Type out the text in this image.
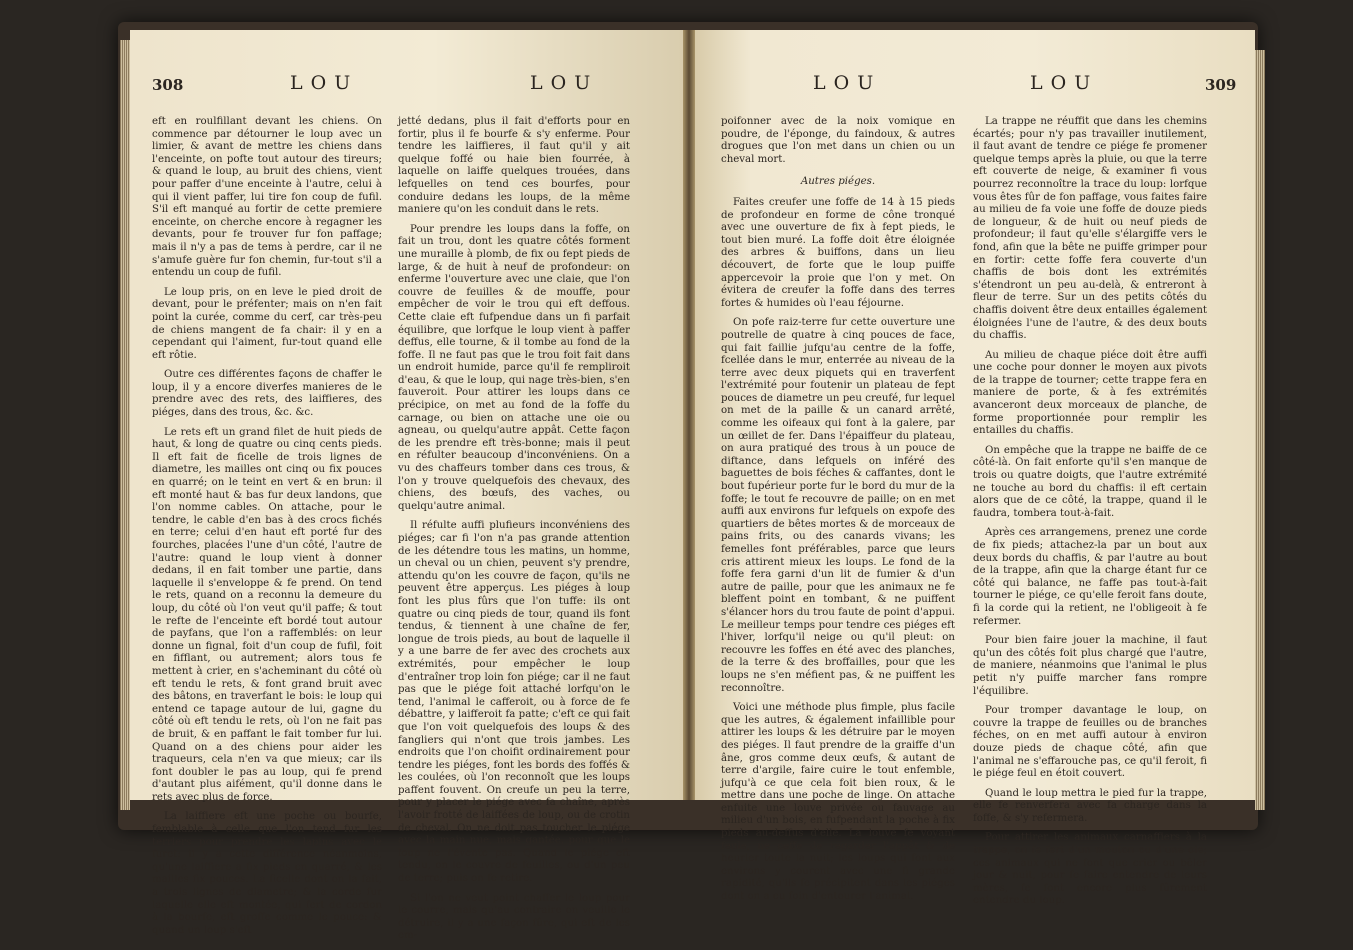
308	LOU	LOU

eft en roulfillant devant les chiens. On commence par détourner le loup avec un limier, & avant de mettre les chiens dans l'enceinte, on pofte tout autour des tireurs; & quand le loup, au bruit des chiens, vient pour paffer d'une enceinte à l'autre, celui à qui il vient paffer, lui tire fon coup de fufil. S'il eft manqué au fortir de cette premiere enceinte, on cherche encore à regagner les devants, pour fe trouver fur fon paffage; mais il n'y a pas de tems à perdre, car il ne s'amufe guère fur fon chemin, fur-tout s'il a entendu un coup de fufil.

Le loup pris, on en leve le pied droit de devant, pour le préfenter; mais on n'en fait point la curée, comme du cerf, car très-peu de chiens mangent de fa chair: il y en a cependant qui l'aiment, fur-tout quand elle eft rôtie.

Outre ces différentes façons de chaffer le loup, il y a encore diverfes manieres de le prendre avec des rets, des laiffieres, des piéges, dans des trous, &c. &c.

Le rets eft un grand filet de huit pieds de haut, & long de quatre ou cinq cents pieds. Il eft fait de ficelle de trois lignes de diametre, les mailles ont cinq ou fix pouces en quarré; on le teint en vert & en brun: il eft monté haut & bas fur deux landons, que l'on nomme cables. On attache, pour le tendre, le cable d'en bas à des crocs fichés en terre; celui d'en haut eft porté fur des fourches, placées l'une d'un côté, l'autre de l'autre: quand le loup vient à donner dedans, il en fait tomber une partie, dans laquelle il s'enveloppe & fe prend. On tend le rets, quand on a reconnu la demeure du loup, du côté où l'on veut qu'il paffe; & tout le refte de l'enceinte eft bordé tout autour de payfans, que l'on a raffemblés: on leur donne un fignal, foit d'un coup de fufil, foit en fifflant, ou autrement; alors tous fe mettent à crier, en s'acheminant du côté où eft tendu le rets, & font grand bruit avec des bâtons, en traverfant le bois: le loup qui entend ce tapage autour de lui, gagne du côté où eft tendu le rets, où l'on ne fait pas de bruit, & en paffant le fait tomber fur lui. Quand on a des chiens pour aider les traqueurs, cela n'en va que mieux; car ils font doubler le pas au loup, qui fe prend d'autant plus aifément, qu'il donne dans le rets avec plus de force.

La laiffiere eft une poche ou bourfe, femblable à celle que l'on tend fur les terriers pour prendre les lapins avec le furet: il y a cette différence néanmoins, qu'une laiffiere a fix pieds en quarré, & les mailles fix pouces. La ficelle dont on la fait, a trois lignes de diametre; & la corde fur laquelle elle eft montée, qui fert de cordon à la bourfe, eft groffe comme le pouce: & quand un loup s'eft

jetté dedans, plus il fait d'efforts pour en fortir, plus il fe bourfe & s'y enferme. Pour tendre les laiffieres, il faut qu'il y ait quelque foffé ou haie bien fourrée, à laquelle on laiffe quelques trouées, dans lefquelles on tend ces bourfes, pour conduire dedans les loups, de la même maniere qu'on les conduit dans le rets.

Pour prendre les loups dans la foffe, on fait un trou, dont les quatre côtés forment une muraille à plomb, de fix ou fept pieds de large, & de huit à neuf de profondeur: on enferme l'ouverture avec une claie, que l'on couvre de feuilles & de mouffe, pour empêcher de voir le trou qui eft deffous. Cette claie eft fufpendue dans un fi parfait équilibre, que lorfque le loup vient à paffer deffus, elle tourne, & il tombe au fond de la foffe. Il ne faut pas que le trou foit fait dans un endroit humide, parce qu'il fe rempliroit d'eau, & que le loup, qui nage très-bien, s'en fauveroit. Pour attirer les loups dans ce précipice, on met au fond de la foffe du carnage, ou bien on attache une oie ou agneau, ou quelqu'autre appât. Cette façon de les prendre eft très-bonne; mais il peut en réfulter beaucoup d'inconvéniens. On a vu des chaffeurs tomber dans ces trous, & l'on y trouve quelquefois des chevaux, des chiens, des bœufs, des vaches, ou quelqu'autre animal.

Il réfulte auffi plufieurs inconvéniens des piéges; car fi l'on n'a pas grande attention de les détendre tous les matins, un homme, un cheval ou un chien, peuvent s'y prendre, attendu qu'on les couvre de façon, qu'ils ne peuvent être apperçus. Les piéges à loup font les plus fûrs que l'on tuffe: ils ont quatre ou cinq pieds de tour, quand ils font tendus, & tiennent à une chaîne de fer, longue de trois pieds, au bout de laquelle il y a une barre de fer avec des crochets aux extrémités, pour empêcher le loup d'entraîner trop loin fon piége; car il ne faut pas que le piége foit attaché lorfqu'on le tend, l'animal le cafferoit, ou à force de fe débattre, y laifferoit fa patte; c'eft ce qui fait que l'on voit quelquefois des loups & des fangliers qui n'ont que trois jambes. Les endroits que l'on choifit ordinairement pour tendre les piéges, font les bords des foffés & les coulées, où l'on reconnoît que les loups paffent fouvent. On creufe un peu la terre, pour y placer le piége avec fa chaîne, après l'avoir frotté de laiffées de loup, ou de crotin de cheval. On ne doit pas toucher le piége avec la main nue, mais gantée, pour que le loup ne l'évente pas. Quand le piége eft tendu, on le couvre de feuilles, ou d'un peu de terre; puis on fe retire.

Si l'on ne veut point chaffer le loup pour le courre, mais qu'au contraire on veuille le détruire, il y a une façon fûre, qui eft de les em-

LOU	LOU	309

poifonner avec de la noix vomique en poudre, de l'éponge, du faindoux, & autres drogues que l'on met dans un chien ou un cheval mort.

Autres piéges.

Faites creufer une foffe de 14 à 15 pieds de profondeur en forme de cône tronqué avec une ouverture de fix à fept pieds, le tout bien muré. La foffe doit être éloignée des arbres & buiffons, dans un lieu découvert, de forte que le loup puiffe appercevoir la proie que l'on y met. On évitera de creufer la foffe dans des terres fortes & humides où l'eau féjourne.

On pofe raiz-terre fur cette ouverture une poutrelle de quatre à cinq pouces de face, qui fait faillie jufqu'au centre de la foffe, fcellée dans le mur, enterrée au niveau de la terre avec deux piquets qui en traverfent l'extrémité pour foutenir un plateau de fept pouces de diametre un peu creufé, fur lequel on met de la paille & un canard arrêté, comme les oifeaux qui font à la galere, par un œillet de fer. Dans l'épaiffeur du plateau, on aura pratiqué des trous à un pouce de diftance, dans lefquels on inféré des baguettes de bois féches & caffantes, dont le bout fupérieur porte fur le bord du mur de la foffe; le tout fe recouvre de paille; on en met auffi aux environs fur lefquels on expofe des quartiers de bêtes mortes & de morceaux de pains frits, ou des canards vivans; les femelles font préférables, parce que leurs cris attirent mieux les loups. Le fond de la foffe fera garni d'un lit de fumier & d'un autre de paille, pour que les animaux ne fe bleffent point en tombant, & ne puiffent s'élancer hors du trou faute de point d'appui. Le meilleur temps pour tendre ces piéges eft l'hiver, lorfqu'il neige ou qu'il pleut: on recouvre les foffes en été avec des planches, de la terre & des broffailles, pour que les loups ne s'en méfient pas, & ne puiffent les reconnoître.

Voici une méthode plus fimple, plus facile que les autres, & également infaillible pour attirer les loups & les détruire par le moyen des piéges. Il faut prendre de la graiffe d'un âne, gros comme deux œufs, & autant de terre d'argile, faire cuire le tout enfemble, jufqu'à ce que cela foit bien roux, & le mettre dans une poche de linge. On attache enfuite une louve privée ou fauvage au milieu d'un bois, en fufpendant la poche à fix pieds au-deffus d'elle. La louve fe voyant feule, ne ceffe de regarder l'appât & de heurler toute la nuit; les loups qui font aux environs y courent avec une fi grande rapidité, qu'ils fe précipitent dans les piéges dont on a eu foin d'entourer l'animal.

La trappe ne réuffit que dans les chemins écartés; pour n'y pas travailler inutilement, il faut avant de tendre ce piége fe promener quelque temps après la pluie, ou que la terre eft couverte de neige, & examiner fi vous pourrez reconnoître la trace du loup: lorfque vous êtes fûr de fon paffage, vous faites faire au milieu de fa voie une foffe de douze pieds de longueur, & de huit ou neuf pieds de profondeur; il faut qu'elle s'élargiffe vers le fond, afin que la bête ne puiffe grimper pour en fortir: cette foffe fera couverte d'un chaffis de bois dont les extrémités s'étendront un peu au-delà, & entreront à fleur de terre. Sur un des petits côtés du chaffis doivent être deux entailles également éloignées l'une de l'autre, & des deux bouts du chaffis.

Au milieu de chaque piéce doit être auffi une coche pour donner le moyen aux pivots de la trappe de tourner; cette trappe fera en maniere de porte, & à fes extrémités avanceront deux morceaux de planche, de forme proportionnée pour remplir les entailles du chaffis.

On empêche que la trappe ne baiffe de ce côté-là. On fait enforte qu'il s'en manque de trois ou quatre doigts, que l'autre extrémité ne touche au bord du chaffis: il eft certain alors que de ce côté, la trappe, quand il le faudra, tombera tout-à-fait.

Après ces arrangemens, prenez une corde de fix pieds; attachez-la par un bout aux deux bords du chaffis, & par l'autre au bout de la trappe, afin que la charge étant fur ce côté qui balance, ne faffe pas tout-à-fait tourner le piége, ce qu'elle feroit fans doute, fi la corde qui la retient, ne l'obligeoit à fe refermer.

Pour bien faire jouer la machine, il faut qu'un des côtés foit plus chargé que l'autre, de maniere, néanmoins que l'animal le plus petit n'y puiffe marcher fans rompre l'équilibre.

Pour tromper davantage le loup, on couvre la trappe de feuilles ou de branches féches, on en met auffi autour à environ douze pieds de chaque côté, afin que l'animal ne s'effarouche pas, ce qu'il feroit, fi le piége feul en étoit couvert.

Quand le loup mettra le pied fur la trappe, elle fe renverfera avec fa charge dans la foffe, & s'y refermera.

Pour attirer les animaux carnaffiers à la trappe, on fe fert d'un mouton ou d'une oie; ces animaux qui ne font que crier ou bêler jour & nuit, pour fe faire entendre de leurs mères, fe font encore plus fûrement entendre du loup.
